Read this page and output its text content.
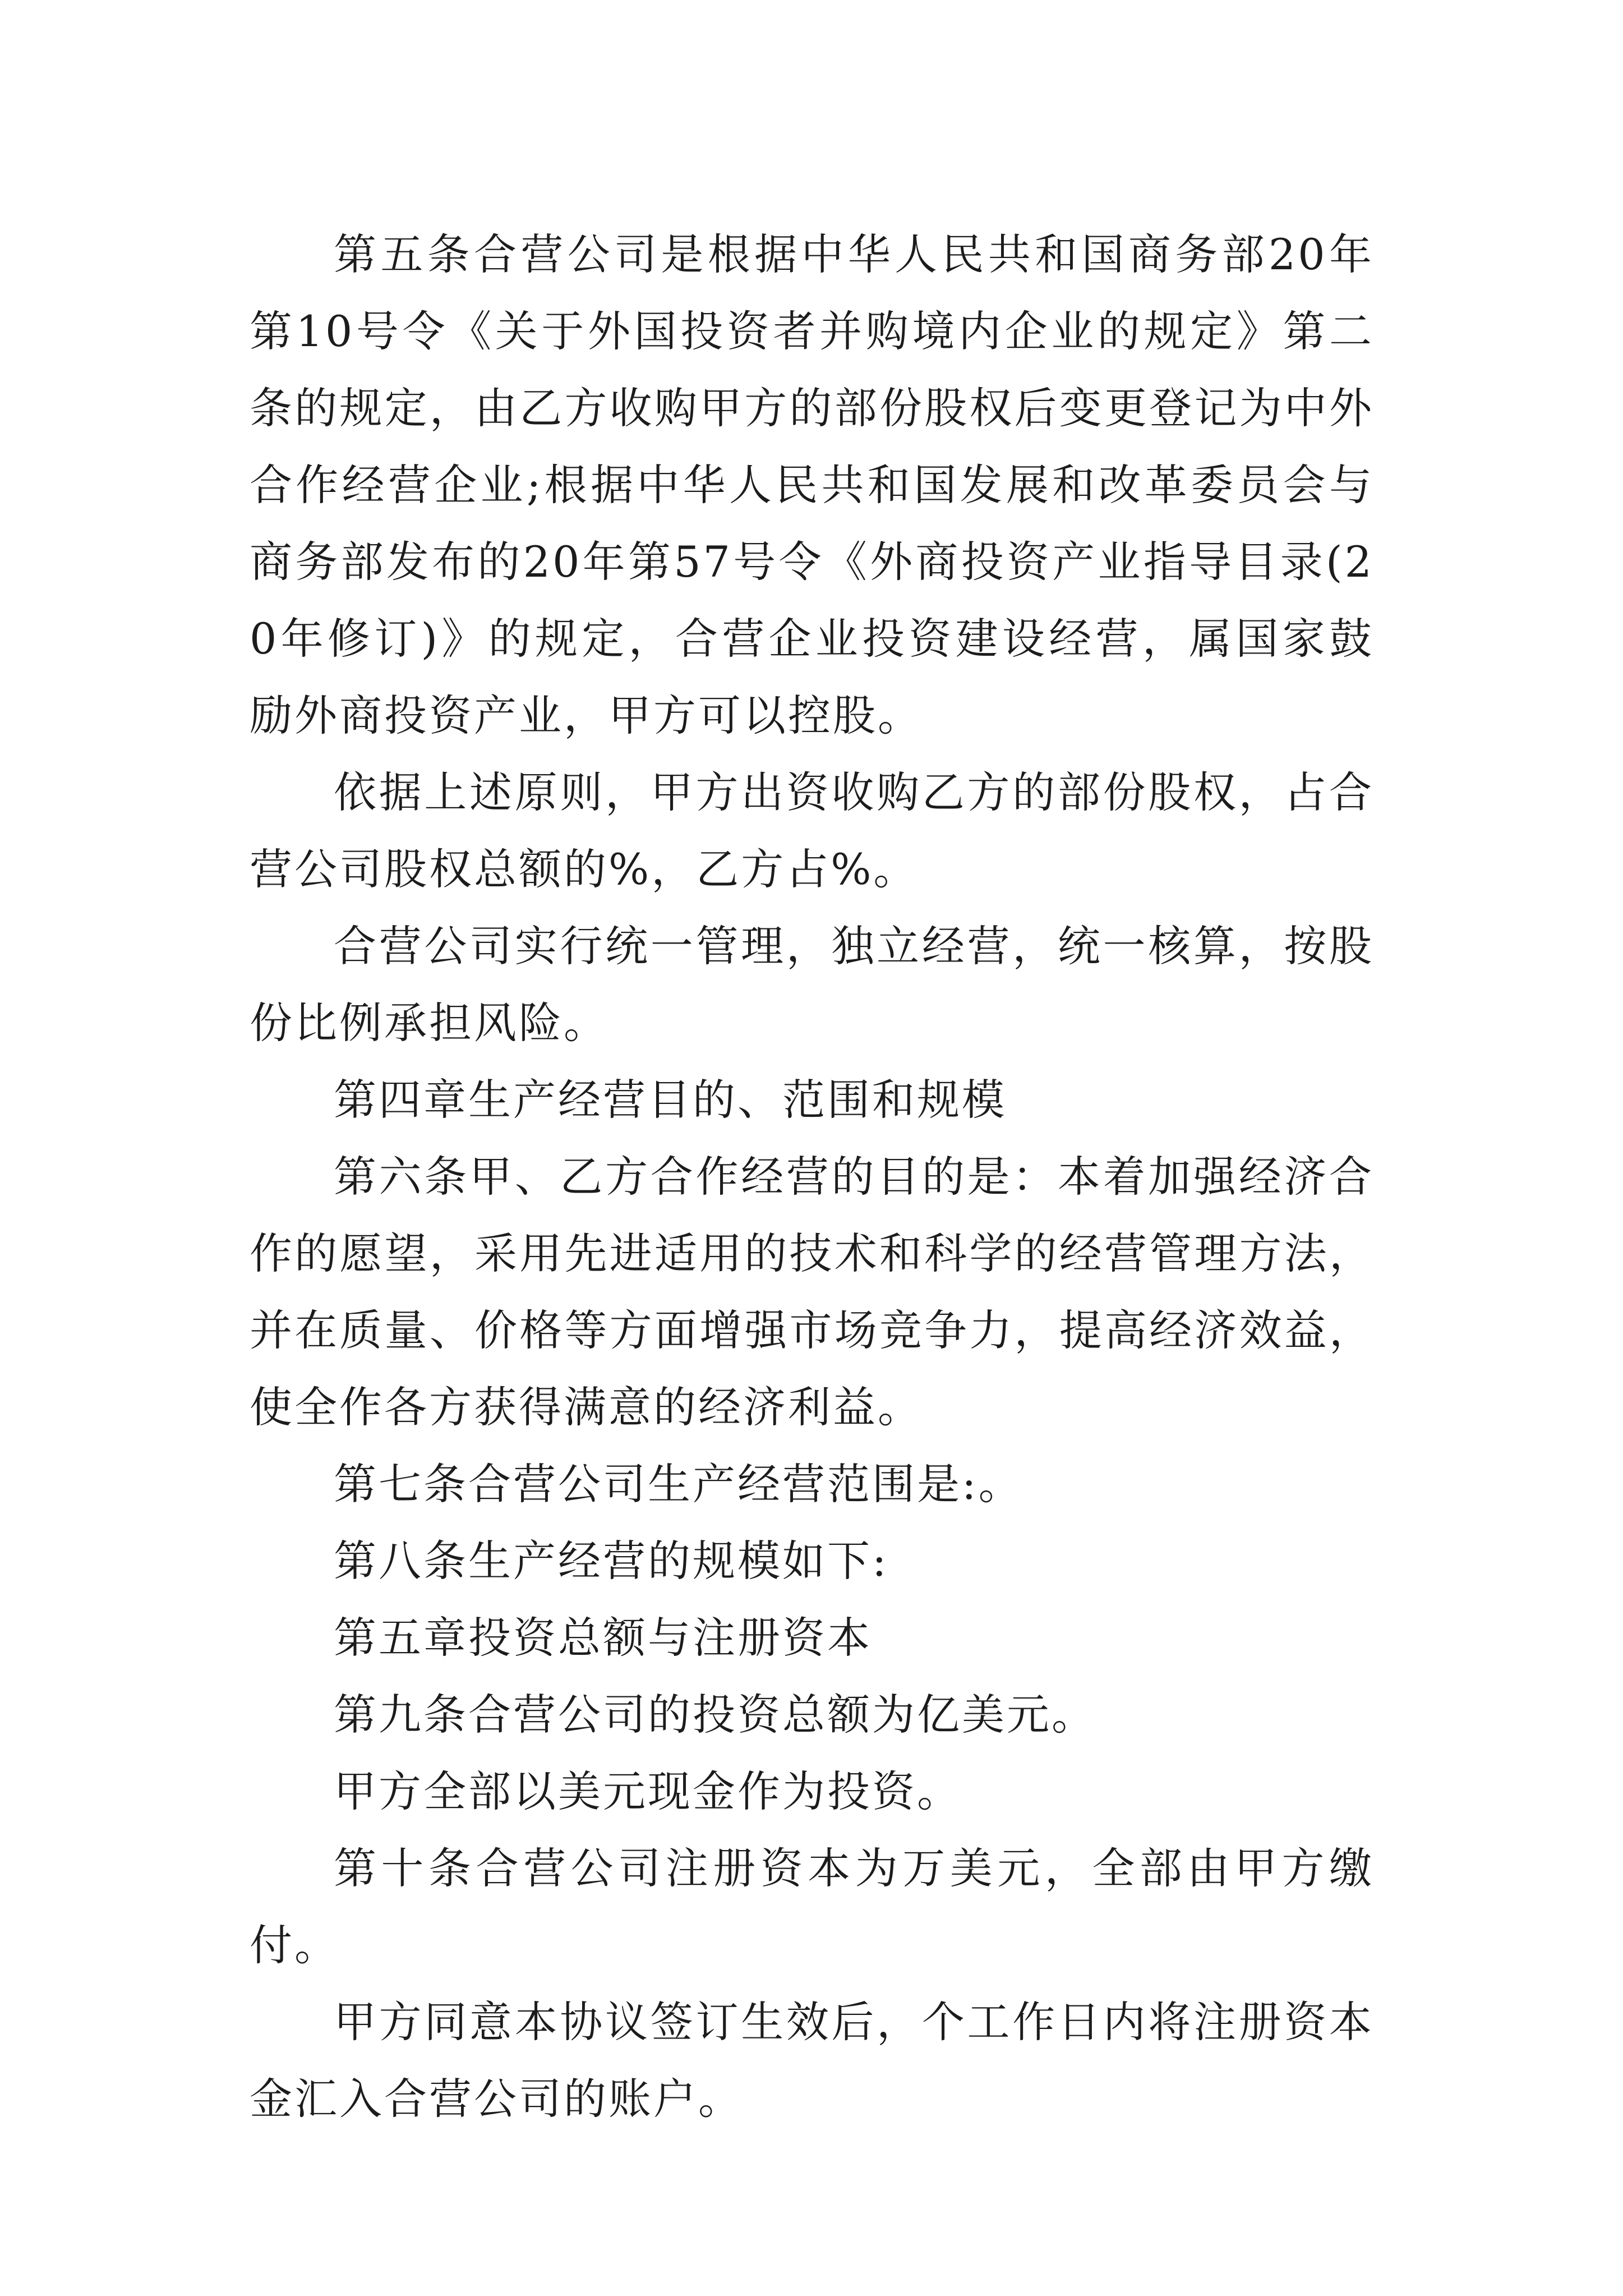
第五条合营公司是根据中华人民共和国商务部20年第10号令《关于外国投资者并购境内企业的规定》第二条的规定，由乙方收购甲方的部份股权后变更登记为中外合作经营企业;根据中华人民共和国发展和改革委员会与商务部发布的20年第57号令《外商投资产业指导目录(20年修订)》的规定，合营企业投资建设经营，属国家鼓励外商投资产业，甲方可以控股。

依据上述原则，甲方出资收购乙方的部份股权，占合营公司股权总额的%，乙方占%。

合营公司实行统一管理，独立经营，统一核算，按股份比例承担风险。

第四章生产经营目的、范围和规模

第六条甲、乙方合作经营的目的是：本着加强经济合作的愿望，采用先进适用的技术和科学的经营管理方法，并在质量、价格等方面增强市场竞争力，提高经济效益，使全作各方获得满意的经济利益。

第七条合营公司生产经营范围是:。

第八条生产经营的规模如下:

第五章投资总额与注册资本

第九条合营公司的投资总额为亿美元。

甲方全部以美元现金作为投资。

第十条合营公司注册资本为万美元，全部由甲方缴付。

甲方同意本协议签订生效后，个工作日内将注册资本金汇入合营公司的账户。
